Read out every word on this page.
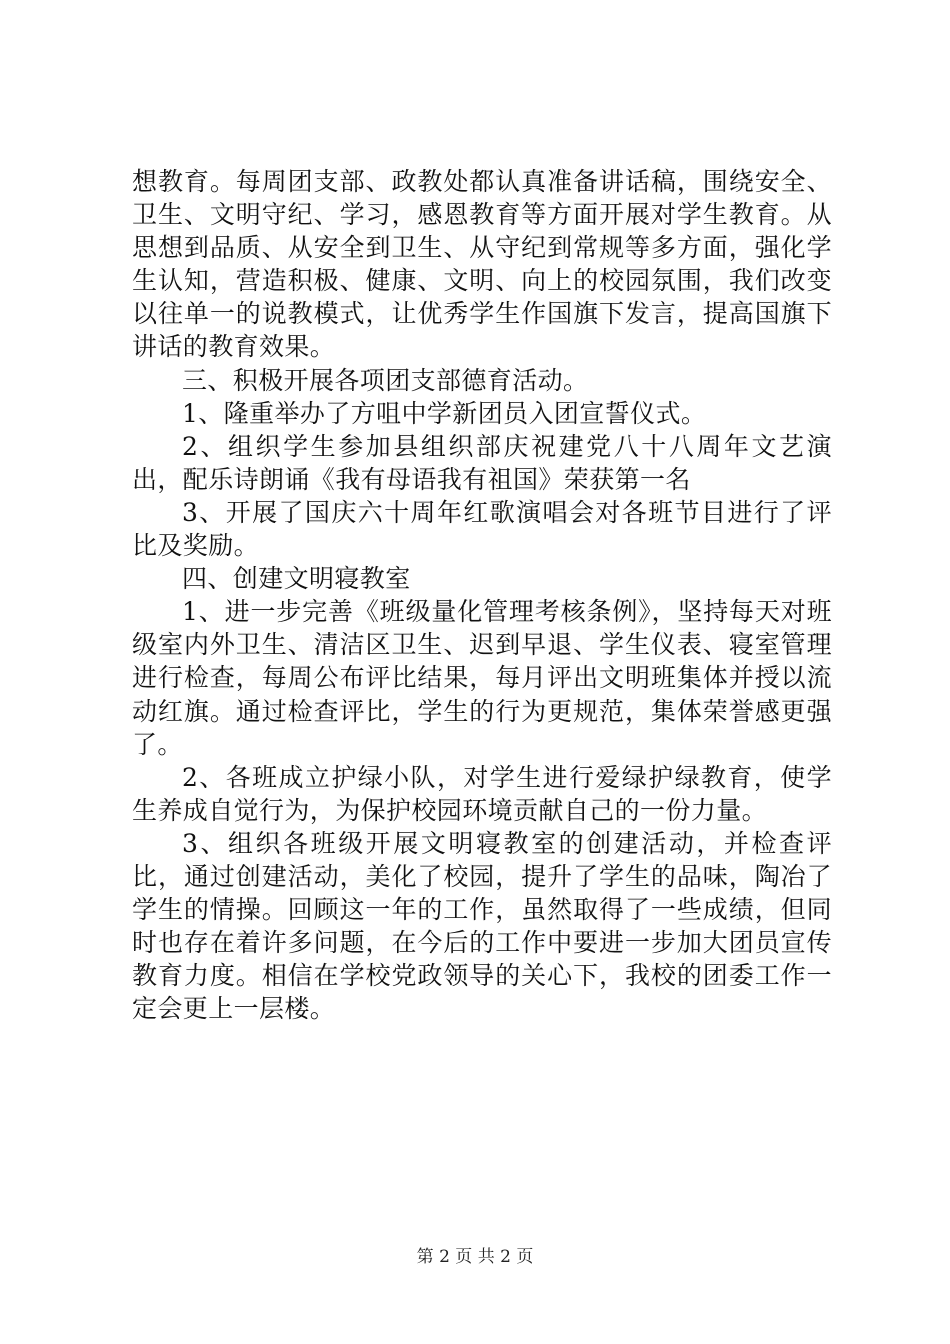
想教育。每周团支部、政教处都认真准备讲话稿，围绕安全、卫生、文明守纪、学习，感恩教育等方面开展对学生教育。从思想到品质、从安全到卫生、从守纪到常规等多方面，强化学生认知，营造积极、健康、文明、向上的校园氛围，我们改变以往单一的说教模式，让优秀学生作国旗下发言，提高国旗下讲话的教育效果。

三、积极开展各项团支部德育活动。

1、隆重举办了方咀中学新团员入团宣誓仪式。

2、组织学生参加县组织部庆祝建党八十八周年文艺演出，配乐诗朗诵《我有母语我有祖国》荣获第一名

3、开展了国庆六十周年红歌演唱会对各班节目进行了评比及奖励。

四、创建文明寝教室

1、进一步完善《班级量化管理考核条例》，坚持每天对班级室内外卫生、清洁区卫生、迟到早退、学生仪表、寝室管理进行检查，每周公布评比结果，每月评出文明班集体并授以流动红旗。通过检查评比，学生的行为更规范，集体荣誉感更强了。

2、各班成立护绿小队，对学生进行爱绿护绿教育，使学生养成自觉行为，为保护校园环境贡献自己的一份力量。

3、组织各班级开展文明寝教室的创建活动，并检查评比，通过创建活动，美化了校园，提升了学生的品味，陶冶了学生的情操。回顾这一年的工作，虽然取得了一些成绩，但同时也存在着许多问题，在今后的工作中要进一步加大团员宣传教育力度。相信在学校党政领导的关心下，我校的团委工作一定会更上一层楼。

第 2 页 共 2 页
